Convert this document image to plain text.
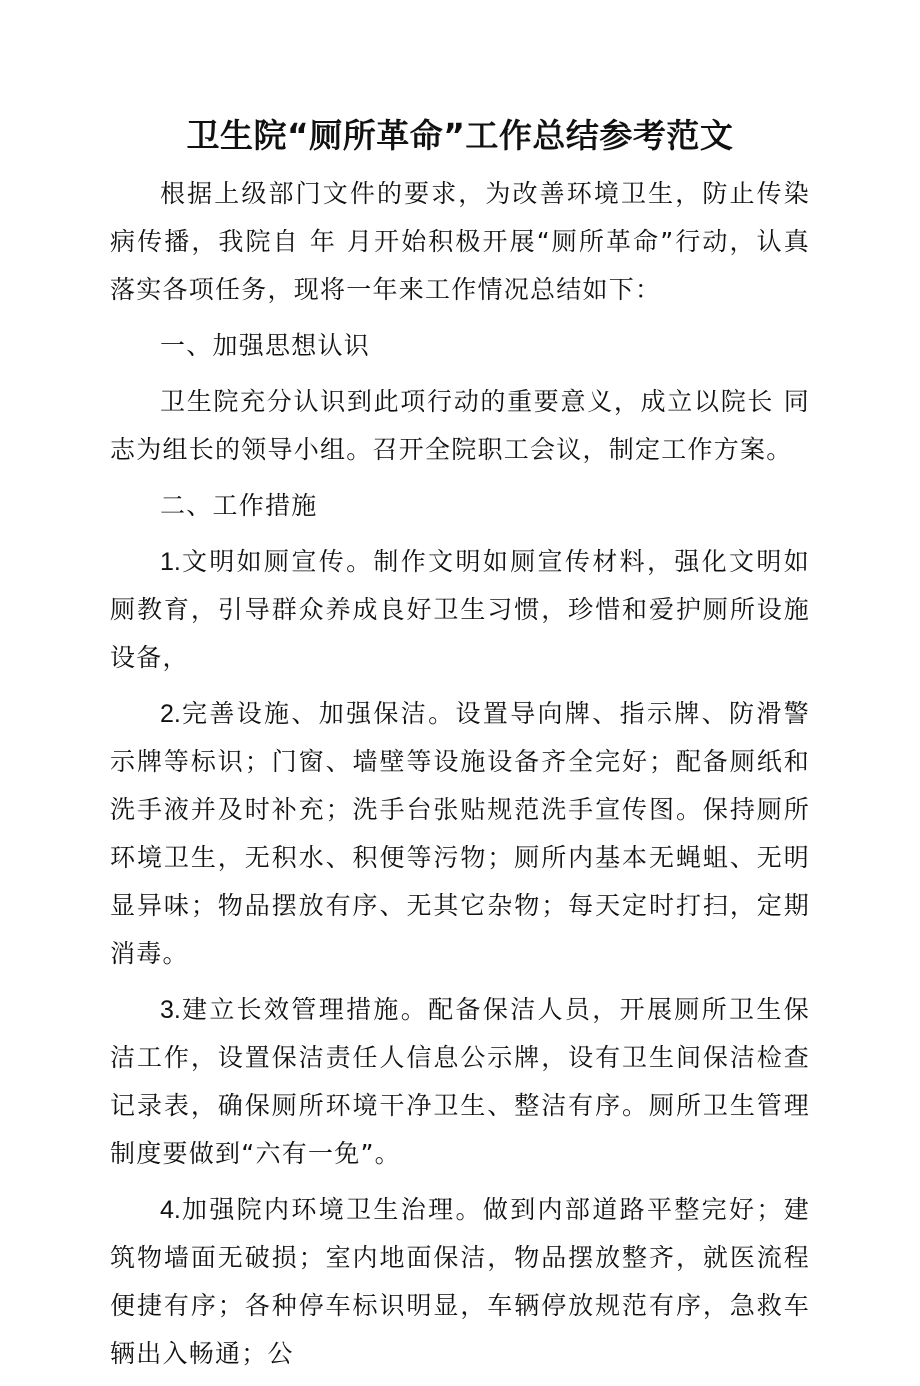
卫生院“厕所革命”工作总结参考范文

根据上级部门文件的要求，为改善环境卫生，防止传染病传播，我院自 年 月开始积极开展“厕所革命”行动，认真落实各项任务，现将一年来工作情况总结如下：

一、加强思想认识

卫生院充分认识到此项行动的重要意义，成立以院长 同志为组长的领导小组。召开全院职工会议，制定工作方案。

二、工作措施

1.文明如厕宣传。制作文明如厕宣传材料，强化文明如厕教育，引导群众养成良好卫生习惯，珍惜和爱护厕所设施设备，

2.完善设施、加强保洁。设置导向牌、指示牌、防滑警示牌等标识；门窗、墙壁等设施设备齐全完好；配备厕纸和洗手液并及时补充；洗手台张贴规范洗手宣传图。保持厕所环境卫生，无积水、积便等污物；厕所内基本无蝇蛆、无明显异味；物品摆放有序、无其它杂物；每天定时打扫，定期消毒。

3.建立长效管理措施。配备保洁人员，开展厕所卫生保洁工作，设置保洁责任人信息公示牌，设有卫生间保洁检查记录表，确保厕所环境干净卫生、整洁有序。厕所卫生管理制度要做到“六有一免”。

4.加强院内环境卫生治理。做到内部道路平整完好；建筑物墙面无破损；室内地面保洁，物品摆放整齐，就医流程便捷有序；各种停车标识明显，车辆停放规范有序，急救车辆出入畅通；公
